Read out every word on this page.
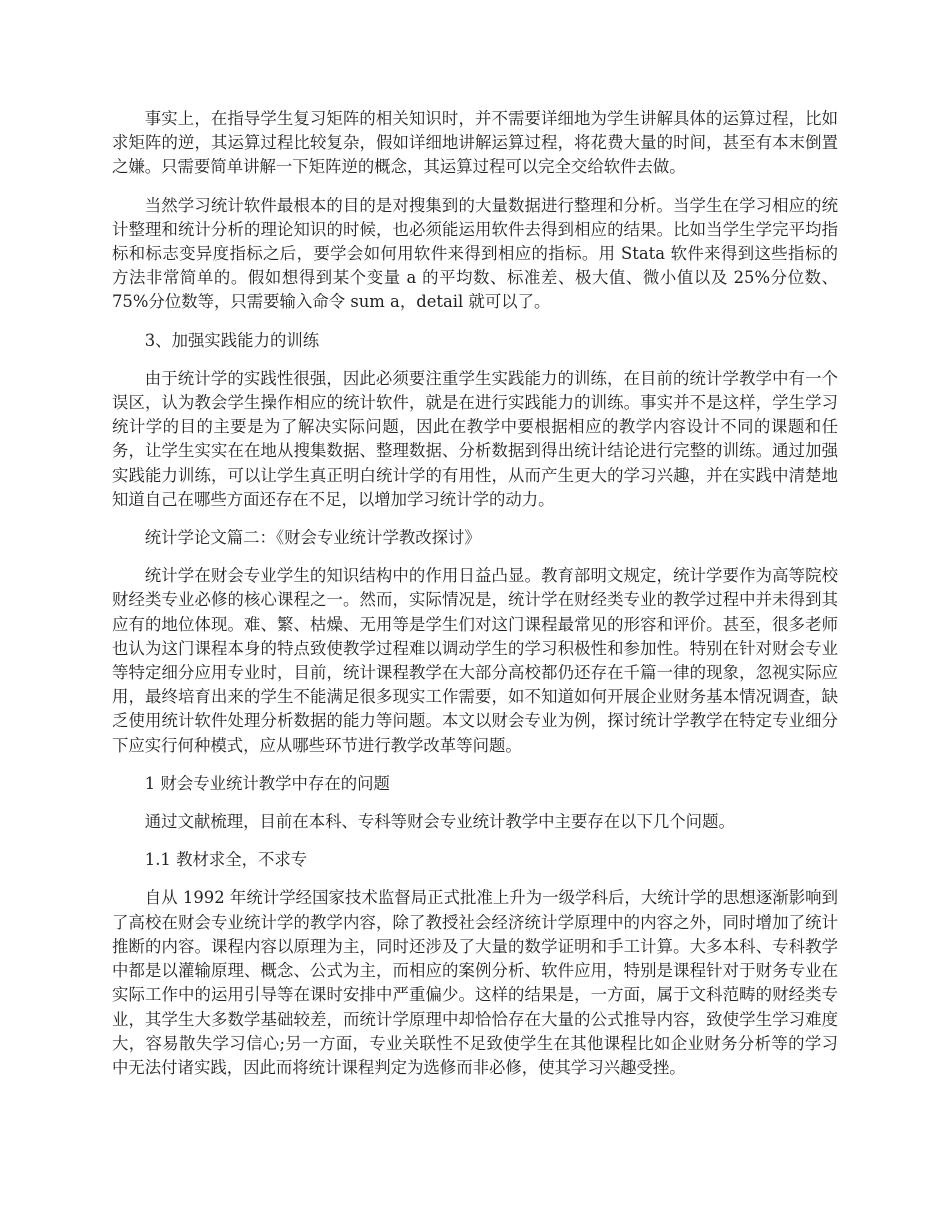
事实上，在指导学生复习矩阵的相关知识时，并不需要详细地为学生讲解具体的运算过程，比如求矩阵的逆，其运算过程比较复杂，假如详细地讲解运算过程，将花费大量的时间，甚至有本末倒置之嫌。只需要简单讲解一下矩阵逆的概念，其运算过程可以完全交给软件去做。

当然学习统计软件最根本的目的是对搜集到的大量数据进行整理和分析。当学生在学习相应的统计整理和统计分析的理论知识的时候，也必须能运用软件去得到相应的结果。比如当学生学完平均指标和标志变异度指标之后，要学会如何用软件来得到相应的指标。用 Stata 软件来得到这些指标的方法非常简单的。假如想得到某个变量 a 的平均数、标准差、极大值、微小值以及 25%分位数、75%分位数等，只需要输入命令 sum a，detail 就可以了。

3、加强实践能力的训练

由于统计学的实践性很强，因此必须要注重学生实践能力的训练，在目前的统计学教学中有一个误区，认为教会学生操作相应的统计软件，就是在进行实践能力的训练。事实并不是这样，学生学习统计学的目的主要是为了解决实际问题，因此在教学中要根据相应的教学内容设计不同的课题和任务，让学生实实在在地从搜集数据、整理数据、分析数据到得出统计结论进行完整的训练。通过加强实践能力训练，可以让学生真正明白统计学的有用性，从而产生更大的学习兴趣，并在实践中清楚地知道自己在哪些方面还存在不足，以增加学习统计学的动力。

统计学论文篇二：《财会专业统计学教改探讨》

统计学在财会专业学生的知识结构中的作用日益凸显。教育部明文规定，统计学要作为高等院校财经类专业必修的核心课程之一。然而，实际情况是，统计学在财经类专业的教学过程中并未得到其应有的地位体现。难、繁、枯燥、无用等是学生们对这门课程最常见的形容和评价。甚至，很多老师也认为这门课程本身的特点致使教学过程难以调动学生的学习积极性和参加性。特别在针对财会专业等特定细分应用专业时，目前，统计课程教学在大部分高校都仍还存在千篇一律的现象，忽视实际应用，最终培育出来的学生不能满足很多现实工作需要，如不知道如何开展企业财务基本情况调查，缺乏使用统计软件处理分析数据的能力等问题。本文以财会专业为例，探讨统计学教学在特定专业细分下应实行何种模式，应从哪些环节进行教学改革等问题。

1 财会专业统计教学中存在的问题

通过文献梳理，目前在本科、专科等财会专业统计教学中主要存在以下几个问题。

1.1 教材求全，不求专

自从 1992 年统计学经国家技术监督局正式批准上升为一级学科后，大统计学的思想逐渐影响到了高校在财会专业统计学的教学内容，除了教授社会经济统计学原理中的内容之外，同时增加了统计推断的内容。课程内容以原理为主，同时还涉及了大量的数学证明和手工计算。大多本科、专科教学中都是以灌输原理、概念、公式为主，而相应的案例分析、软件应用，特别是课程针对于财务专业在实际工作中的运用引导等在课时安排中严重偏少。这样的结果是，一方面，属于文科范畴的财经类专业，其学生大多数学基础较差，而统计学原理中却恰恰存在大量的公式推导内容，致使学生学习难度大，容易散失学习信心;另一方面，专业关联性不足致使学生在其他课程比如企业财务分析等的学习中无法付诸实践，因此而将统计课程判定为选修而非必修，使其学习兴趣受挫。
